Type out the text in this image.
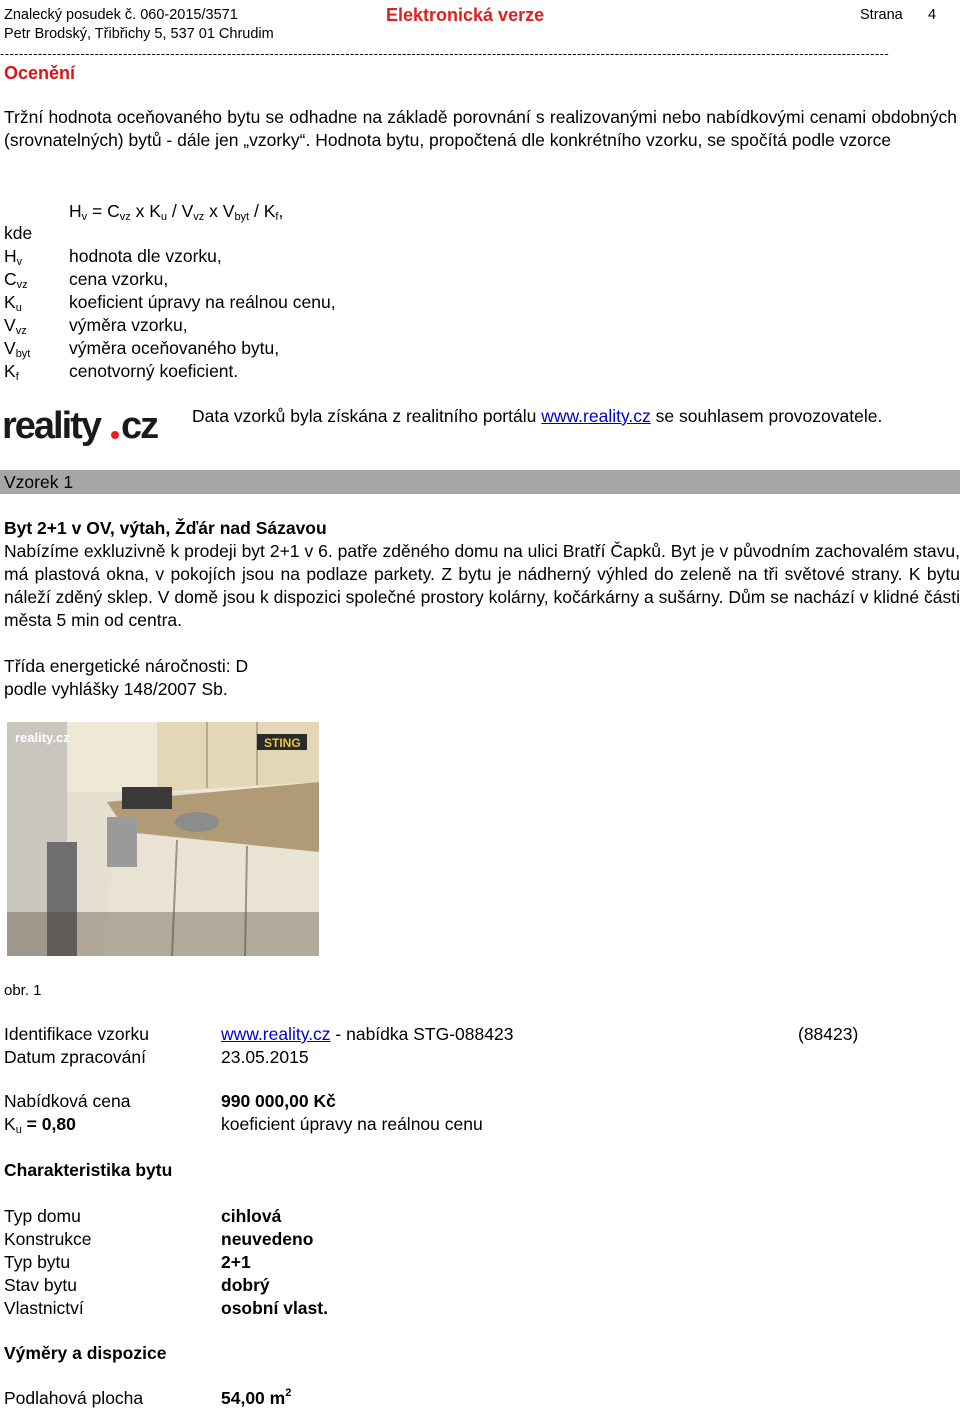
Znalecký posudek č. 060-2015/3571	Elektronická verze	Strana 4
Petr Brodský, Třibřichy 5, 537 01 Chrudim
--------------------------------------------------------------------------------------------------------------------------------------------------------------------------------------------
Ocenění
Tržní hodnota oceňovaného bytu se odhadne na základě porovnání s realizovanými nebo nabídkovými cenami obdobných (srovnatelných) bytů - dále jen „vzorky“. Hodnota bytu, propočtená dle konkrétního vzorku, se spočítá podle vzorce
$H_v = C_{vz}$ x $K_u / V_{vz}$ x $V_{byt} / K_f$,
kde
$H_v$	hodnota dle vzorku,
$C_{vz}$ cena vzorku,
$K_u$	koeficient úpravy na reálnou cenu,
$V_{vz}$ výměra vzorku,
$V_{byt}$ výměra oceňovaného bytu,
$K_f$	cenotvorný koeficient.
reality cz Data vzorků byla získána z realitního portálu www.reality.cz se souhlasem provozovatele.
Vzorek 1
Byt 2+1 v OV, výtah, Žďár nad Sázavou
Nabízíme exkluzivně k prodeji byt 2+1 v 6. patře zděného domu na ulici Bratří Čapků. Byt je v původním zachovalém stavu, má plastová okna, v pokojích jsou na podlaze parkety. Z bytu je nádherný výhled do zeleně na tři světové strany. K bytu náleží zděný sklep. V domě jsou k dispozici společné prostory kolárny, kočárkárny a sušárny. Dům se nachází v klidné části města 5 min od centra.
Třída energetické náročnosti: D
podle vyhlášky 148/2007 Sb.
STING
reality.cz
obr. 1
Identifikace vzorku	www.reality.cz - nabídka STG-088423	(88423)
Datum zpracování	23.05.2015
Nabídková cena	990 000,00 Kč
$K_u = 0,80$	koeficient úpravy na reálnou cenu
Charakteristika bytu
Typ domu	cihlová
Konstrukce	neuvedeno
Typ bytu	2+1
Stav bytu	dobrý
Vlastnictví	osobní vlast.
Výměry a dispozice
Podlahová plocha	54,00 $m^2$
